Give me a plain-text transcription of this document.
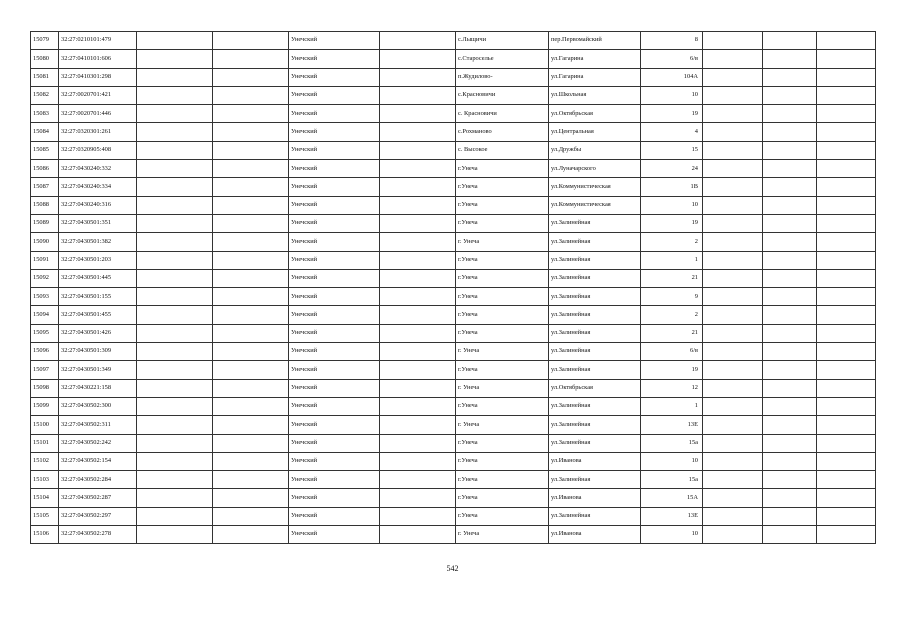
15079	32:27:0210101:479			Унечский		с.Лыщичи	пер.Первомайский	8			
15080	32:27:0410101:606			Унечский		с.Староселье	ул.Гагарина	6/в			
15081	32:27:0410301:298			Унечский		п.Жудилово-	ул.Гагарина	104А			
15082	32:27:0020701:421			Унечский		с.Красновичи	ул.Школьная	10			
15083	32:27:0020701:446			Унечский		с. Красновичи	ул.Октябрьская	19			
15084	32:27:0320301:261			Унечский		с.Рохманово	ул.Центральная	4			
15085	32:27:0320905:408			Унечский		с. Высокое	ул.Дружбы	15			
15086	32:27:0430240:332			Унечский		г.Унеча	ул.Луначарского	24			
15087	32:27:0430240:334			Унечский		г.Унеча	ул.Коммунистическая	1В			
15088	32:27:0430240:316			Унечский		г.Унеча	ул.Коммунистическая	10			
15089	32:27:0430501:351			Унечский		г.Унеча	ул.Залинейная	19			
15090	32:27:0430501:382			Унечский		г. Унеча	ул.Залинейная	2			
15091	32:27:0430501:203			Унечский		г.Унеча	ул.Залинейная	1			
15092	32:27:0430501:445			Унечский		г.Унеча	ул.Залинейная	21			
15093	32:27:0430501:155			Унечский		г.Унеча	ул.Залинейная	9			
15094	32:27:0430501:455			Унечский		г.Унеча	ул.Залинейная	2			
15095	32:27:0430501:426			Унечский		г.Унеча	ул.Залинейная	21			
15096	32:27:0430501:309			Унечский		г. Унеча	ул.Залинейная	6/в			
15097	32:27:0430501:349			Унечский		г.Унеча	ул.Залинейная	19			
15098	32:27:0430221:158			Унечский		г. Унеча	ул.Октябрьская	12			
15099	32:27:0430502:300			Унечский		г.Унеча	ул.Залинейная	1			
15100	32:27:0430502:311			Унечский		г. Унеча	ул.Залинейная	13Е			
15101	32:27:0430502:242			Унечский		г.Унеча	ул.Залинейная	15а			
15102	32:27:0430502:154			Унечский		г.Унеча	ул.Иванова	10			
15103	32:27:0430502:284			Унечский		г.Унеча	ул.Залинейная	15а			
15104	32:27:0430502:287			Унечский		г.Унеча	ул.Иванова	15А			
15105	32:27:0430502:297			Унечский		г.Унеча	ул.Залинейная	13Е			
15106	32:27:0430502:278			Унечский		г. Унеча	ул.Иванова	10			
542
